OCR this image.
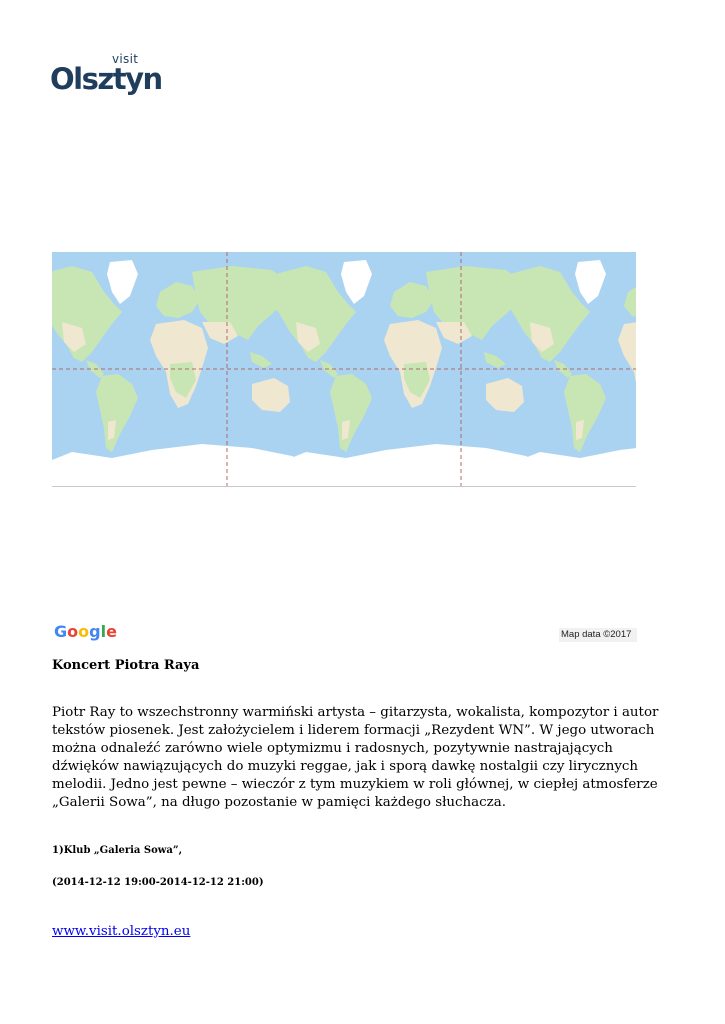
visit
Olsztyn
Google	Map data ©2017
Koncert Piotra Raya
Piotr Ray to wszechstronny warmiński artysta – gitarzysta, wokalista, kompozytor i autor tekstów piosenek. Jest założycielem i liderem formacji „Rezydent WN”. W jego utworach można odnaleźć zarówno wiele optymizmu i radosnych, pozytywnie nastrajających dźwięków nawiązujących do muzyki reggae, jak i sporą dawkę nostalgii czy lirycznych melodii. Jedno jest pewne – wieczór z tym muzykiem w roli głównej, w ciepłej atmosferze „Galerii Sowa”, na długo pozostanie w pamięci każdego słuchacza.
1)Klub „Galeria Sowa”,
(2014-12-12 19:00-2014-12-12 21:00)
www.visit.olsztyn.eu
